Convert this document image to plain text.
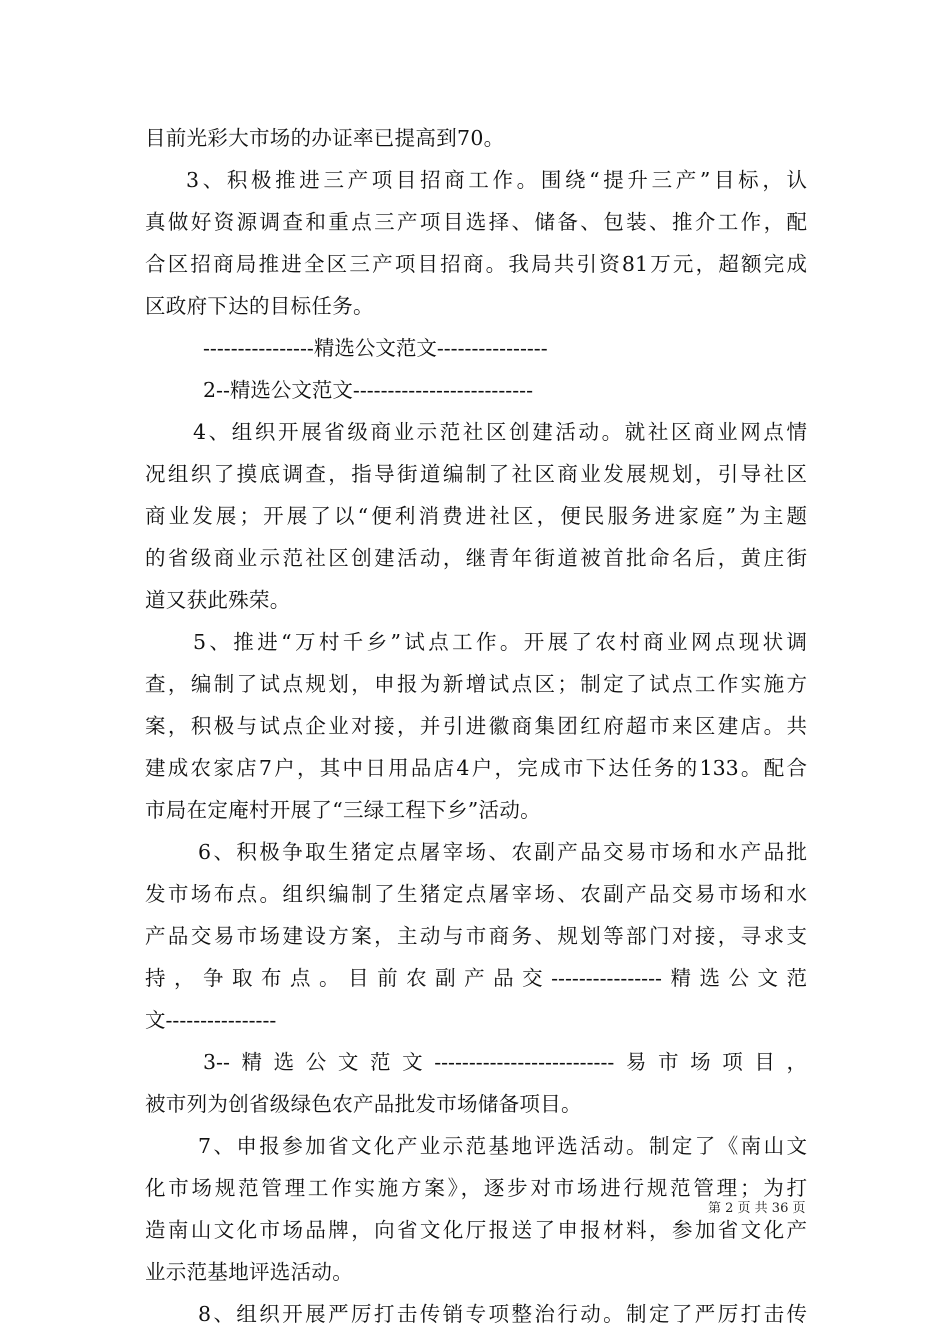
目前光彩大市场的办证率已提高到70。
3、积极推进三产项目招商工作。围绕“提升三产”目标，认
真做好资源调查和重点三产项目选择、储备、包装、推介工作，配
合区招商局推进全区三产项目招商。我局共引资81万元，超额完成
区政府下达的目标任务。
----------------精选公文范文----------------
2--精选公文范文--------------------------
4、组织开展省级商业示范社区创建活动。就社区商业网点情
况组织了摸底调查，指导街道编制了社区商业发展规划，引导社区
商业发展；开展了以“便利消费进社区，便民服务进家庭”为主题
的省级商业示范社区创建活动，继青年街道被首批命名后，黄庄街
道又获此殊荣。
5、推进“万村千乡”试点工作。开展了农村商业网点现状调
查，编制了试点规划，申报为新增试点区；制定了试点工作实施方
案，积极与试点企业对接，并引进徽商集团红府超市来区建店。共
建成农家店7户，其中日用品店4户，完成市下达任务的133。配合
市局在定庵村开展了“三绿工程下乡”活动。
6、积极争取生猪定点屠宰场、农副产品交易市场和水产品批
发市场布点。组织编制了生猪定点屠宰场、农副产品交易市场和水
产品交易市场建设方案，主动与市商务、规划等部门对接，寻求支
持，争取布点。目前农副产品交----------------精选公文范
文----------------
3--精选公文范文--------------------------易市场项目，
被市列为创省级绿色农产品批发市场储备项目。
7、申报参加省文化产业示范基地评选活动。制定了《南山文
化市场规范管理工作实施方案》，逐步对市场进行规范管理；为打
造南山文化市场品牌，向省文化厅报送了申报材料，参加省文化产
业示范基地评选活动。
8、组织开展严厉打击传销专项整治行动。制定了严厉打击传
第 2 页 共 36 页
